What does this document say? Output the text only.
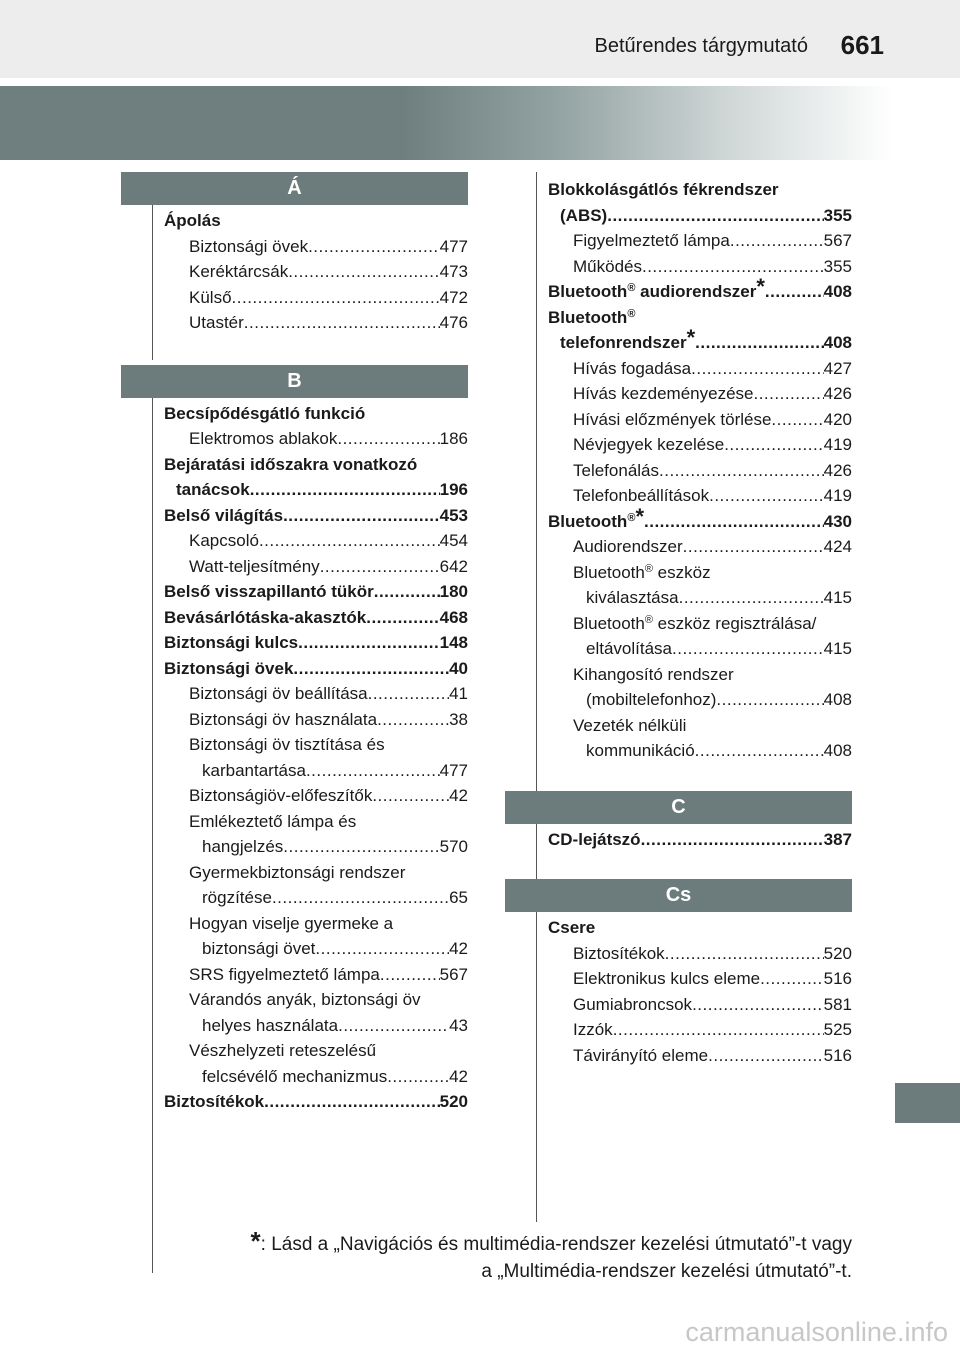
Betűrendes tárgymutató 661
Á
Ápolás
Biztonsági övek .....	477
Keréktárcsák .....	473
Külső .....	472
Utastér .....	476
B
Becsípődésgátló funkció
Elektromos ablakok .....	186
Bejáratási időszakra vonatkozó
tanácsok .....	196
Belső világítás .....	453
Kapcsoló .....	454
Watt-teljesítmény .....	642
Belső visszapillantó tükör .....	180
Bevásárlótáska-akasztók .....	468
Biztonsági kulcs .....	148
Biztonsági övek .....	40
Biztonsági öv beállítása .....	41
Biztonsági öv használata .....	38
Biztonsági öv tisztítása és
karbantartása .....	477
Biztonságiöv-előfeszítők .....	42
Emlékeztető lámpa és
hangjelzés .....	570
Gyermekbiztonsági rendszer
rögzítése .....	65
Hogyan viselje gyermeke a
biztonsági övet .....	42
SRS figyelmeztető lámpa .....	567
Várandós anyák, biztonsági öv
helyes használata .....	43
Vészhelyzeti reteszelésű
felcsévélő mechanizmus .....	42
Biztosítékok .....	520
Blokkolásgátlós fékrendszer
(ABS) .....	355
Figyelmeztető lámpa .....	567
Működés .....	355
Bluetooth® audiorendszer* .....	408
Bluetooth®
telefonrendszer* .....	408
Hívás fogadása .....	427
Hívás kezdeményezése .....	426
Hívási előzmények törlése .....	420
Névjegyek kezelése .....	419
Telefonálás .....	426
Telefonbeállítások .....	419
Bluetooth®* .....	430
Audiorendszer .....	424
Bluetooth® eszköz
kiválasztása .....	415
Bluetooth® eszköz regisztrálása/
eltávolítása .....	415
Kihangosító rendszer
(mobiltelefonhoz) .....	408
Vezeték nélküli
kommunikáció .....	408
C
CD-lejátszó .....	387
Cs
Csere
Biztosítékok .....	520
Elektronikus kulcs eleme .....	516
Gumiabroncsok .....	581
Izzók .....	525
Távirányító eleme .....	516
*: Lásd a „Navigációs és multimédia-rendszer kezelési útmutató”-t vagy
a „Multimédia-rendszer kezelési útmutató”-t.
carmanualsonline.info
